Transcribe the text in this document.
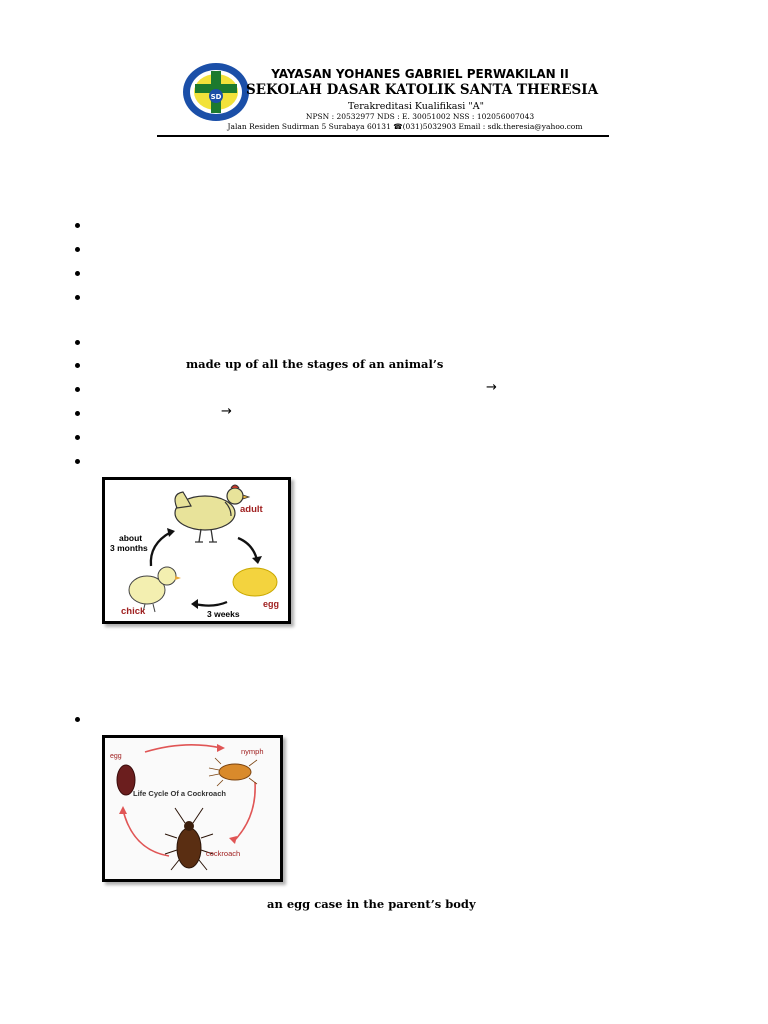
SD
YAYASAN YOHANES GABRIEL PERWAKILAN II
SEKOLAH DASAR KATOLIK SANTA THERESIA
Terakreditasi Kualifikasi "A"
NPSN : 20532977 NDS : E. 30051002 NSS : 102056007043
Jalan Residen Sudirman 5 Surabaya 60131 ☎(031)5032903 Email : sdk.theresia@yahoo.com
made up of all the stages of an animal’s
→
→
adult
egg
chick
about
3 months
3 weeks
egg
nymph
Life Cycle Of a Cockroach
cockroach
an egg case in the parent’s body
